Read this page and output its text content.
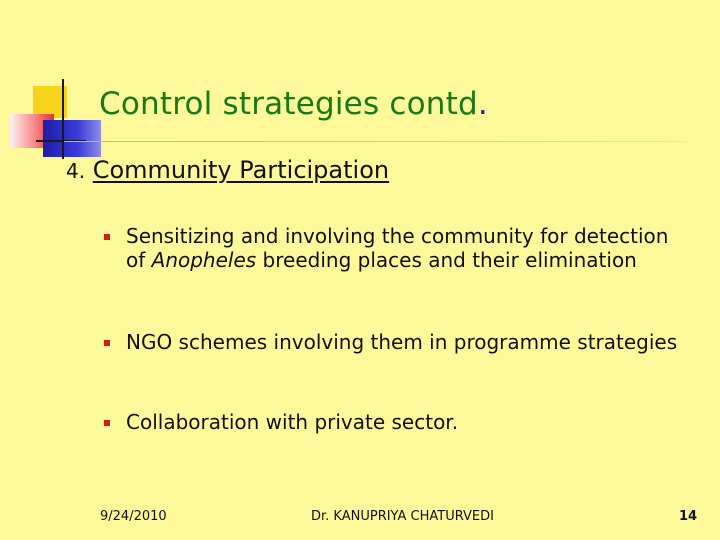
Control strategies contd.
4. Community Participation
Sensitizing and involving the community for detection of Anopheles breeding places and their elimination
NGO schemes involving them in programme strategies
Collaboration with private sector.
9/24/2010	Dr. KANUPRIYA CHATURVEDI	14
